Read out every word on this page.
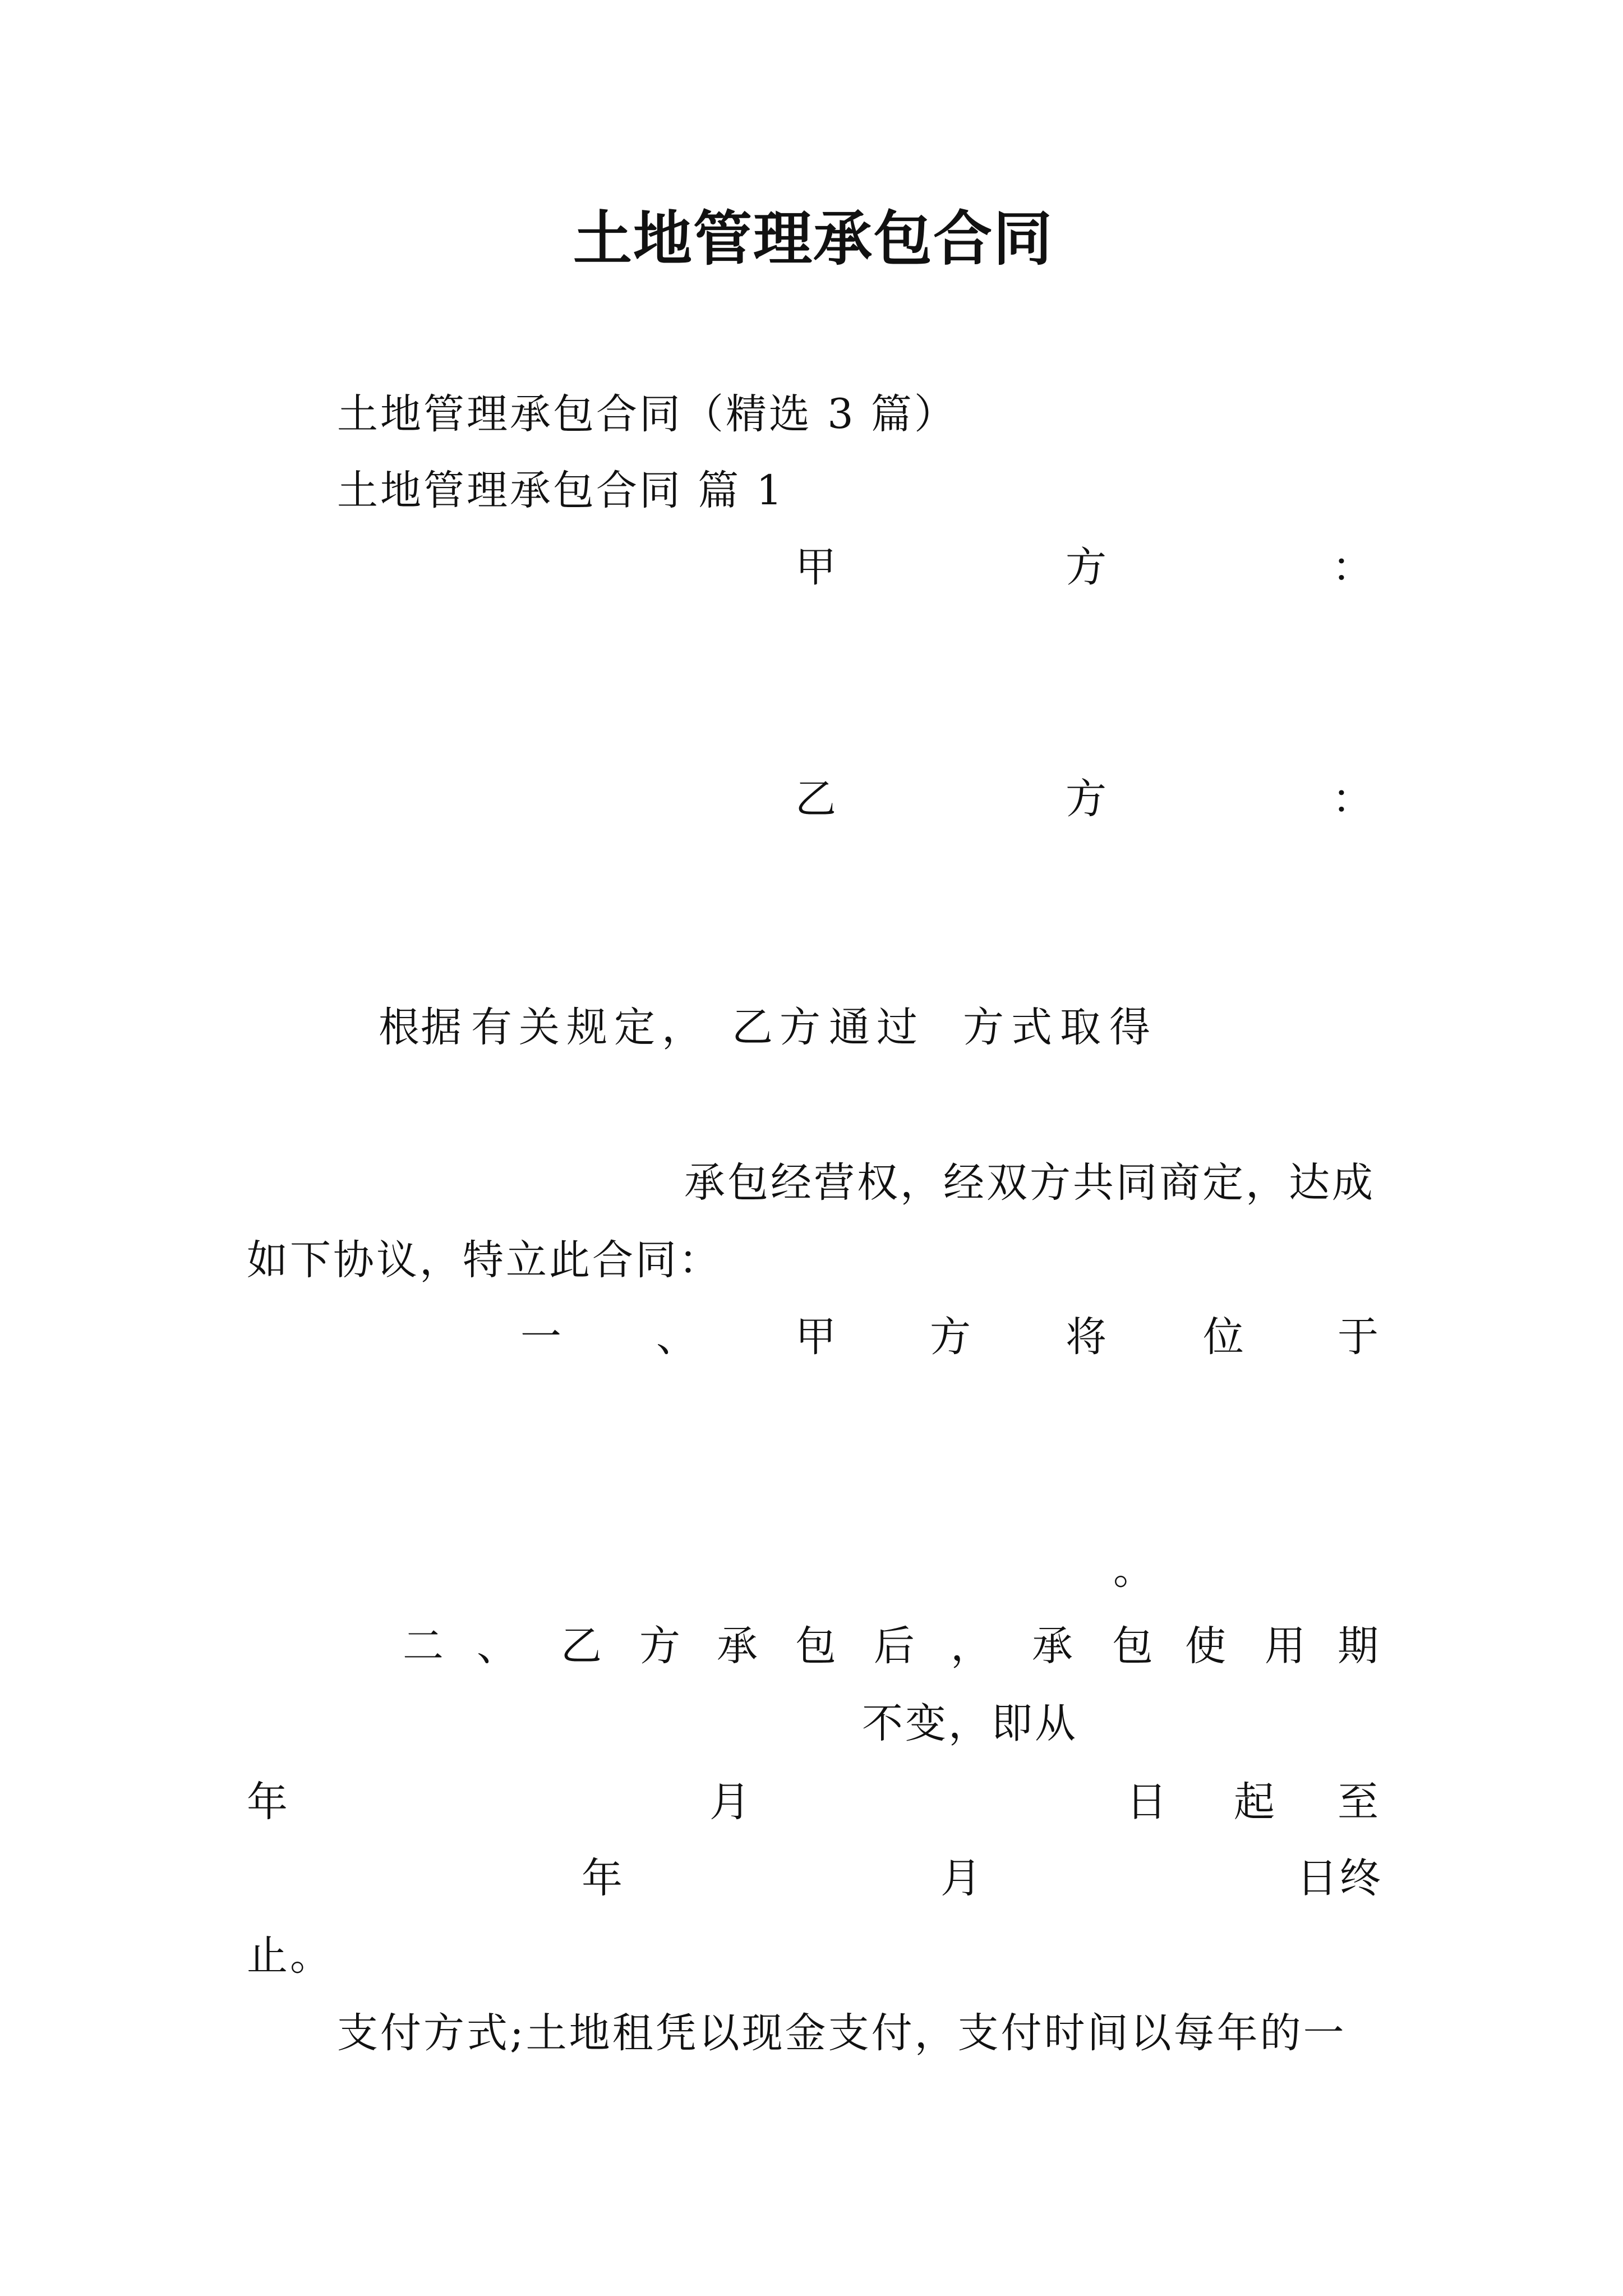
土地管理承包合同
土地管理承包合同（精选 3 篇）
土地管理承包合同 篇 1
甲	方	：
乙	方	：
根
据 有 关 规 定 ， 乙 方 通 过 方 式 取 得
承包经营权，经双方共同商定，达成
如下协议，特立此合同：
一 、 甲 方 将 位 于
。
二 、 乙 方 承 包 后 ， 承 包 使 用 期
不变，即从
年	月	日 起 至
年	月	日终
止。
支付方式;土地租凭以现金支付，支付时间以每年的一
